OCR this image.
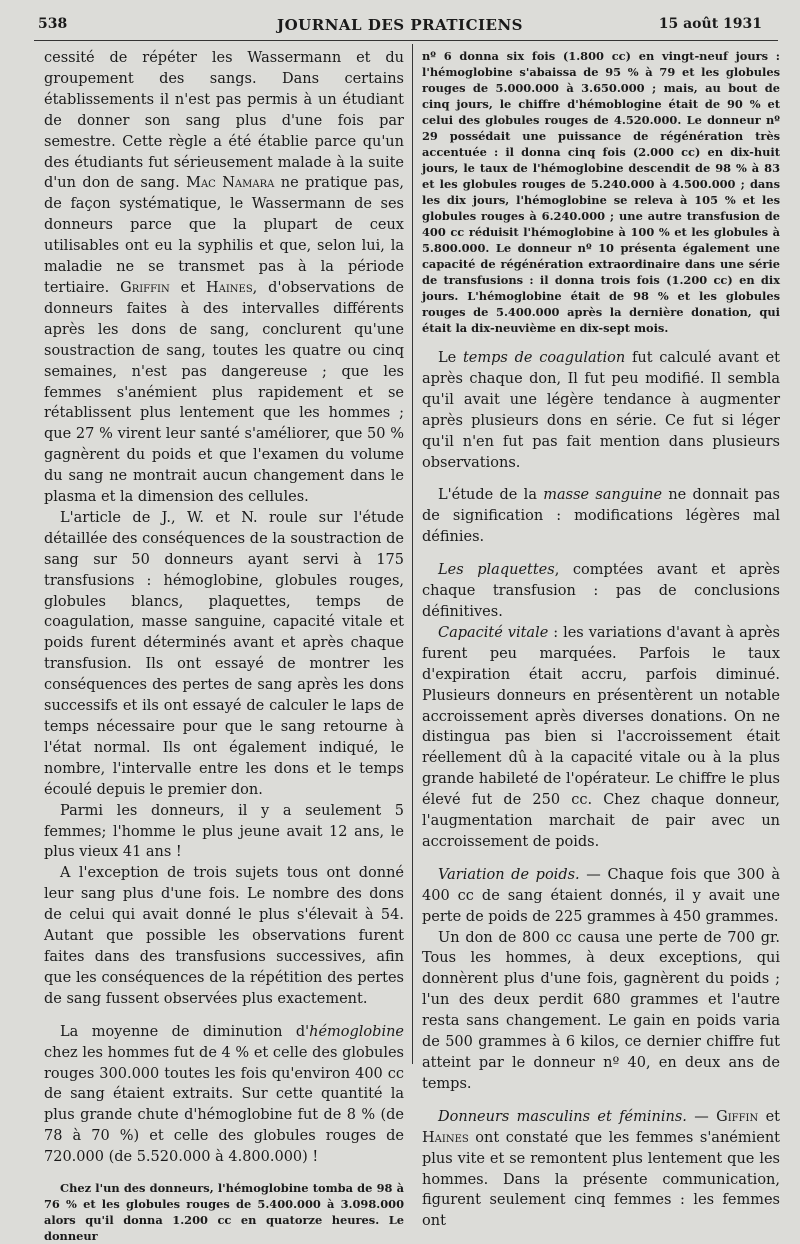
538	JOURNAL DES PRATICIENS	15 août 1931

cessité de répéter les Wassermann et du groupement des sangs. Dans certains établissements il n'est pas permis à un étudiant de donner son sang plus d'une fois par semestre. Cette règle a été établie parce qu'un des étudiants fut sérieusement malade à la suite d'un don de sang. Mac Namara ne pratique pas, de façon systématique, le Wassermann de ses donneurs parce que la plupart de ceux utilisables ont eu la syphilis et que, selon lui, la maladie ne se transmet pas à la période tertiaire. Griffin et Haines, d'observations de donneurs faites à des intervalles différents après les dons de sang, conclurent qu'une soustraction de sang, toutes les quatre ou cinq semaines, n'est pas dangereuse ; que les femmes s'anémient plus rapidement et se rétablissent plus lentement que les hommes ; que 27 % virent leur santé s'améliorer, que 50 % gagnèrent du poids et que l'examen du volume du sang ne montrait aucun changement dans le plasma et la dimension des cellules.

L'article de J., W. et N. roule sur l'étude détaillée des conséquences de la soustraction de sang sur 50 donneurs ayant servi à 175 transfusions : hémoglobine, globules rouges, globules blancs, plaquettes, temps de coagulation, masse sanguine, capacité vitale et poids furent déterminés avant et après chaque transfusion. Ils ont essayé de montrer les conséquences des pertes de sang après les dons successifs et ils ont essayé de calculer le laps de temps nécessaire pour que le sang retourne à l'état normal. Ils ont également indiqué, le nombre, l'intervalle entre les dons et le temps écoulé depuis le premier don.

Parmi les donneurs, il y a seulement 5 femmes; l'homme le plus jeune avait 12 ans, le plus vieux 41 ans !

A l'exception de trois sujets tous ont donné leur sang plus d'une fois. Le nombre des dons de celui qui avait donné le plus s'élevait à 54. Autant que possible les observations furent faites dans des transfusions successives, afin que les conséquences de la répétition des pertes de sang fussent observées plus exactement.

La moyenne de diminution d'hémoglobine chez les hommes fut de 4 % et celle des globules rouges 300.000 toutes les fois qu'environ 400 cc de sang étaient extraits. Sur cette quantité la plus grande chute d'hémoglobine fut de 8 % (de 78 à 70 %) et celle des globules rouges de 720.000 (de 5.520.000 à 4.800.000) !

Chez l'un des donneurs, l'hémoglobine tomba de 98 à 76 % et les globules rouges de 5.400.000 à 3.098.000 alors qu'il donna 1.200 cc en quatorze heures. Le donneur

nº 6 donna six fois (1.800 cc) en vingt-neuf jours : l'hémoglobine s'abaissa de 95 % à 79 et les globules rouges de 5.000.000 à 3.650.000 ; mais, au bout de cinq jours, le chiffre d'hémoblogine était de 90 % et celui des globules rouges de 4.520.000. Le donneur nº 29 possédait une puissance de régénération très accentuée : il donna cinq fois (2.000 cc) en dix-huit jours, le taux de l'hémoglobine descendit de 98 % à 83 et les globules rouges de 5.240.000 à 4.500.000 ; dans les dix jours, l'hémoglobine se releva à 105 % et les globules rouges à 6.240.000 ; une autre transfusion de 400 cc réduisit l'hémoglobine à 100 % et les globules à 5.800.000. Le donneur nº 10 présenta également une capacité de régénération extraordinaire dans une série de transfusions : il donna trois fois (1.200 cc) en dix jours. L'hémoglobine était de 98 % et les globules rouges de 5.400.000 après la dernière donation, qui était la dix-neuvième en dix-sept mois.

Le temps de coagulation fut calculé avant et après chaque don, Il fut peu modifié. Il sembla qu'il avait une légère tendance à augmenter après plusieurs dons en série. Ce fut si léger qu'il n'en fut pas fait mention dans plusieurs observations.

L'étude de la masse sanguine ne donnait pas de signification : modifications légères mal définies.

Les plaquettes, comptées avant et après chaque transfusion : pas de conclusions définitives.

Capacité vitale : les variations d'avant à après furent peu marquées. Parfois le taux d'expiration était accru, parfois diminué. Plusieurs donneurs en présentèrent un notable accroissement après diverses donations. On ne distingua pas bien si l'accroissement était réellement dû à la capacité vitale ou à la plus grande habileté de l'opérateur. Le chiffre le plus élevé fut de 250 cc. Chez chaque donneur, l'augmentation marchait de pair avec un accroissement de poids.

Variation de poids. — Chaque fois que 300 à 400 cc de sang étaient donnés, il y avait une perte de poids de 225 grammes à 450 grammes.

Un don de 800 cc causa une perte de 700 gr. Tous les hommes, à deux exceptions, qui donnèrent plus d'une fois, gagnèrent du poids ; l'un des deux perdit 680 grammes et l'autre resta sans changement. Le gain en poids varia de 500 grammes à 6 kilos, ce dernier chiffre fut atteint par le donneur nº 40, en deux ans de temps.

Donneurs masculins et féminins. — Giffin et Haines ont constaté que les femmes s'anémient plus vite et se remontent plus lentement que les hommes. Dans la présente communication, figurent seulement cinq femmes : les femmes ont
